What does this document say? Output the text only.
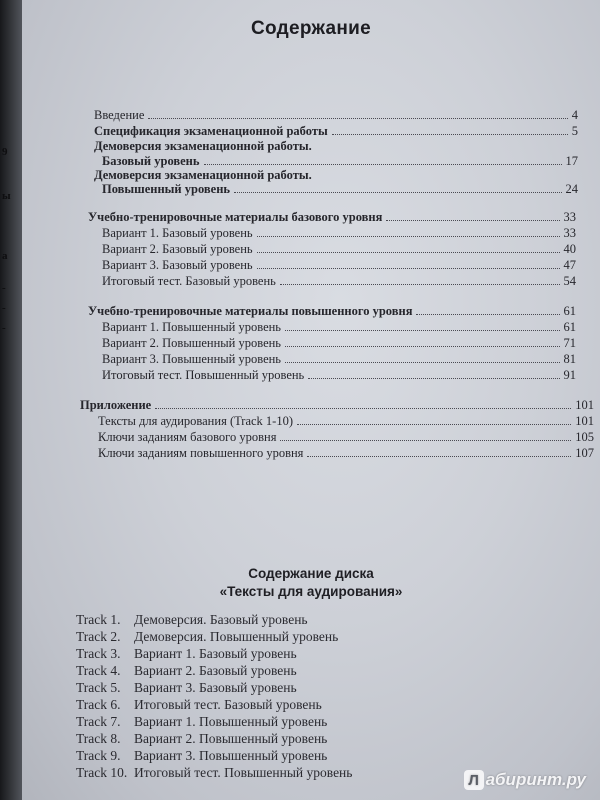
9
ы
a
-
-
-
Содержание
Введение	4
Спецификация экзаменационной работы	5
Демоверсия экзаменационной работы.
Базовый уровень	17
Демоверсия экзаменационной работы.
Повышенный уровень	24
Учебно-тренировочные материалы базового уровня	33
Вариант 1. Базовый уровень	33
Вариант 2. Базовый уровень	40
Вариант 3. Базовый уровень	47
Итоговый тест. Базовый уровень	54
Учебно-тренировочные материалы повышенного уровня	61
Вариант 1. Повышенный уровень	61
Вариант 2. Повышенный уровень	71
Вариант 3. Повышенный уровень	81
Итоговый тест. Повышенный уровень	91
Приложение	101
Тексты для аудирования (Track 1-10)	101
Ключи заданиям базового уровня	105
Ключи заданиям повышенного уровня	107
Содержание диска
«Тексты для аудирования»
Track 1. Демоверсия. Базовый уровень
Track 2. Демоверсия. Повышенный уровень
Track 3. Вариант 1. Базовый уровень
Track 4. Вариант 2. Базовый уровень
Track 5. Вариант 3. Базовый уровень
Track 6. Итоговый тест. Базовый уровень
Track 7. Вариант 1. Повышенный уровень
Track 8. Вариант 2. Повышенный уровень
Track 9. Вариант 3. Повышенный уровень
Track 10. Итоговый тест. Повышенный уровень	Л абиринт.ру
